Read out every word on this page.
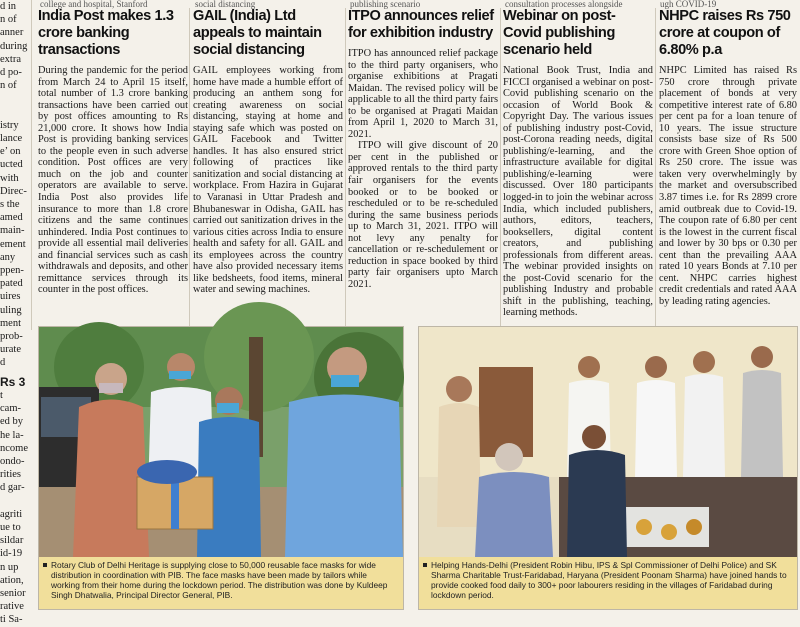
college and hospital, Stanford	social distancing	publishing scenario	consultation processes alongside	ugh COVID-19
d in
n of
anner
during
extra
d po-
n of

istry
lance
e’ on
ucted
with
Direc-
s the
amed
main-
ement
any
ppen-
pated
uires
uling
ment
prob-
urate
d
Rs 3
t
cam-
ed by
he la-
ncome
ondo-
rities
d gar-

agriti
ue to
sildar
id-19
n up
ation,
senior
rative
ti Sa-
India Post makes 1.3 crore banking transactions

During the pandemic for the period from March 24 to April 15 itself, total number of 1.3 crore banking transactions have been carried out by post offices amounting to Rs 21,000 crore. It shows how India Post is providing banking services to the people even in such adverse condition. Post offices are very much on the job and counter operators are available to serve. India Post also provides life insurance to more than 1.8 crore citizens and the same continues unhindered. India Post continues to provide all essential mail deliveries and financial services such as cash withdrawals and deposits, and other remittance services through its counter in the post offices.

GAIL (India) Ltd appeals to maintain social distancing

GAIL employees working from home have made a humble effort of producing an anthem song for creating awareness on social distancing, staying at home and staying safe which was posted on GAIL Facebook and Twitter handles. It has also ensured strict following of practices like sanitization and social distancing at workplace. From Hazira in Gujarat to Varanasi in Uttar Pradesh and Bhubaneswar in Odisha, GAIL has carried out sanitization drives in the various cities across India to ensure health and safety for all. GAIL and its employees across the country have also provided necessary items like bedsheets, food items, mineral water and sewing machines.

ITPO announces relief for exhibition industry

ITPO has announced relief package to the third party organisers, who organise exhibitions at Pragati Maidan. The revised policy will be applicable to all the third party fairs to be organised at Pragati Maidan from April 1, 2020 to March 31, 2021.

ITPO will give discount of 20 per cent in the published or approved rentals to the third party fair organisers for the events booked or to be booked or rescheduled or to be re-scheduled during the same business periods up to March 31, 2021. ITPO will not levy any penalty for cancellation or re-schedulement or reduction in space booked by third party fair organisers upto March 2021.

Webinar on post-Covid publishing scenario held

National Book Trust, India and FICCI organised a webinar on post-Covid publishing scenario on the occasion of World Book & Copyright Day. The various issues of publishing industry post-Covid, post-Corona reading needs, digital publishing/e-learning, and the infrastructure available for digital publishing/e-learning were discussed. Over 180 participants logged-in to join the webinar across India, which included publishers, authors, editors, teachers, booksellers, digital content creators, and publishing professionals from different areas. The webinar provided insights on the post-Covid scenario for the publishing Industry and probable shift in the publishing, teaching, learning methods.

NHPC raises Rs 750 crore at coupon of 6.80% p.a

NHPC Limited has raised Rs 750 crore through private placement of bonds at very competitive interest rate of 6.80 per cent pa for a loan tenure of 10 years. The issue structure consists base size of Rs 500 crore with Green Shoe option of Rs 250 crore. The issue was taken very overwhelmingly by the market and oversubscribed 3.87 times i.e. for Rs 2899 crore amid outbreak due to Covid-19. The coupon rate of 6.80 per cent is the lowest in the current fiscal and lower by 30 bps or 0.30 per cent than the prevailing AAA rated 10 years Bonds at 7.10 per cent. NHPC carries highest credit credentials and rated AAA by leading rating agencies.

Rotary Club of Delhi Heritage is supplying close to 50,000 reusable face masks for wide distribution in coordination with PIB. The face masks have been made by tailors while working from their home during the lockdown period. The distribution was done by Kuldeep Singh Dhatwalia, Principal Director General, PIB.
Helping Hands-Delhi (President Robin Hibu, IPS & Spl Commissioner of Delhi Police) and SK Sharma Charitable Trust-Faridabad, Haryana (President Poonam Sharma) have joined hands to provide cooked food daily to 300+ poor labourers residing in the villages of Faridabad during lockdown period.
